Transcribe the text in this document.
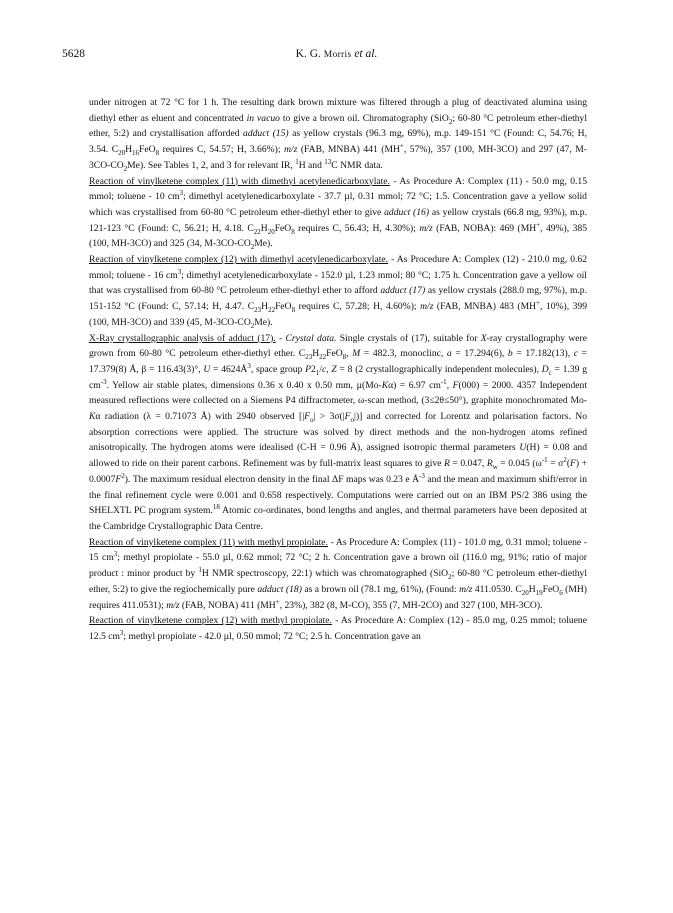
5628	K. G. Morris et al.

under nitrogen at 72 °C for 1 h. The resulting dark brown mixture was filtered through a plug of deactivated alumina using diethyl ether as eluent and concentrated in vacuo to give a brown oil. Chromatography (SiO$_2$; 60-80 °C petroleum ether-diethyl ether, 5:2) and crystallisation afforded adduct (15) as yellow crystals (96.3 mg, 69%), m.p. 149-151 °C (Found: C, 54.76; H, 3.54. $C_{20}H_{16}FeO_8$ requires C, 54.57; H, 3.66%); m/z (FAB, MNBA) 441 (MH+, 57%), 357 (100, MH-3CO) and 297 (47, $M-3CO-CO_2Me$). See Tables 1, 2, and 3 for relevant IR, $^1$H and $^{13}$C NMR data.

Reaction of vinylketene complex (11) with dimethyl acetylenedicarboxylate. - As Procedure A: Complex (11) - 50.0 mg, 0.15 mmol; toluene - 10 $cm^3$; dimethyl acetylenedicarboxylate - 37.7 µl, 0.31 mmol; 72 °C; 1.5. Concentration gave a yellow solid which was crystallised from 60-80 °C petroleum ether-diethyl ether to give adduct (16) as yellow crystals (66.8 mg, 93%), m.p. 121-123 °C (Found: C, 56.21; H, 4.18. $C_{22}H_{20}FeO_8$ requires C, 56.43; H, 4.30%); m/z (FAB, NOBA): 469 (MH+, 49%), 385 (100, MH-3CO) and 325 (34, $M-3CO-CO_2Me$).

Reaction of vinylketene complex (12) with dimethyl acetylenedicarboxylate. - As Procedure A: Complex (12) - 210.0 mg, 0.62 mmol; toluene - 16 $cm^3$; dimethyl acetylenedicarboxylate - 152.0 µl, 1.23 mmol; 80 °C; 1.75 h. Concentration gave a yellow oil that was crystallised from 60-80 °C petroleum ether-diethyl ether to afford adduct (17) as yellow crystals (288.0 mg, 97%), m.p. 151-152 °C (Found: C, 57.14; H, 4.47. $C_{23}H_{22}FeO_8$ requires C, 57.28; H, 4.60%); m/z (FAB, MNBA) 483 (MH+, 10%), 399 (100, MH-3CO) and 339 (45, $M-3CO-CO_2Me$).

X-Ray crystallographic analysis of adduct (17). - Crystal data. Single crystals of (17), suitable for X-ray crystallography were grown from 60-80 °C petroleum ether-diethyl ether. $C_{23}H_{22}FeO_8$, M = 482.3, monoclinc, a = 17.294(6), b = 17.182(13), c = 17.379(8) Å, β = 116.43(3)°, $U = 4624Å^3$, space group $P2_1/c$, Z = 8 (2 crystallographically independent molecules), $D_c = 1.39$ g $cm^{-3}$. Yellow air stable plates, dimensions 0.36 x 0.40 x 0.50 mm, µ(Mo-Kα) = 6.97 $cm^{-1}$, F(000) = 2000. 4357 Independent measured reflections were collected on a Siemens P4 diffractometer, ω-scan method, (3≤2θ≤50°), graphite monochromated Mo-Kα radiation (λ = 0.71073 Å) with 2940 observed $[|F_o| > 3\sigma(|F_o|)]$ and corrected for Lorentz and polarisation factors. No absorption corrections were applied. The structure was solved by direct methods and the non-hydrogen atoms refined anisotropically. The hydrogen atoms were idealised (C-H = 0.96 Å), assigned isotropic thermal parameters U(H) = 0.08 and allowed to ride on their parent carbons. Refinement was by full-matrix least squares to give R = 0.047, $R_w = 0.045$ $(\omega^{-1} = \sigma^2(F) + 0.0007F^2)$. The maximum residual electron density in the final ΔF maps was 0.23 e $Å^{-3}$ and the mean and maximum shift/error in the final refinement cycle were 0.001 and 0.658 respectively. Computations were carried out on an IBM PS/2 386 using the SHELXTL PC program system.$^{18}$ Atomic co-ordinates, bond lengths and angles, and thermal parameters have been deposited at the Cambridge Crystallographic Data Centre.

Reaction of vinylketene complex (11) with methyl propiolate. - As Procedure A: Complex (11) - 101.0 mg, 0.31 mmol; toluene - 15 $cm^3$; methyl propiolate - 55.0 µl, 0.62 mmol; 72 °C; 2 h. Concentration gave a brown oil (116.0 mg, 91%; ratio of major product : minor product by $^1$H NMR spectroscopy, 22:1) which was chromatographed (SiO$_2$; 60-80 °C petroleum ether-diethyl ether, 5:2) to give the regiochemically pure adduct (18) as a brown oil (78.1 mg, 61%), (Found: m/z 411.0530. $C_{20}H_{19}FeO_6$ (MH) requires 411.0531); m/z (FAB, NOBA) 411 (MH+, 23%), 382 (8, M-CO), 355 (7, MH-2CO) and 327 (100, MH-3CO).

Reaction of vinylketene complex (12) with methyl propiolate. - As Procedure A: Complex (12) - 85.0 mg, 0.25 mmol; toluene 12.5 $cm^3$; methyl propiolate - 42.0 µl, 0.50 mmol; 72 °C; 2.5 h. Concentration gave an
